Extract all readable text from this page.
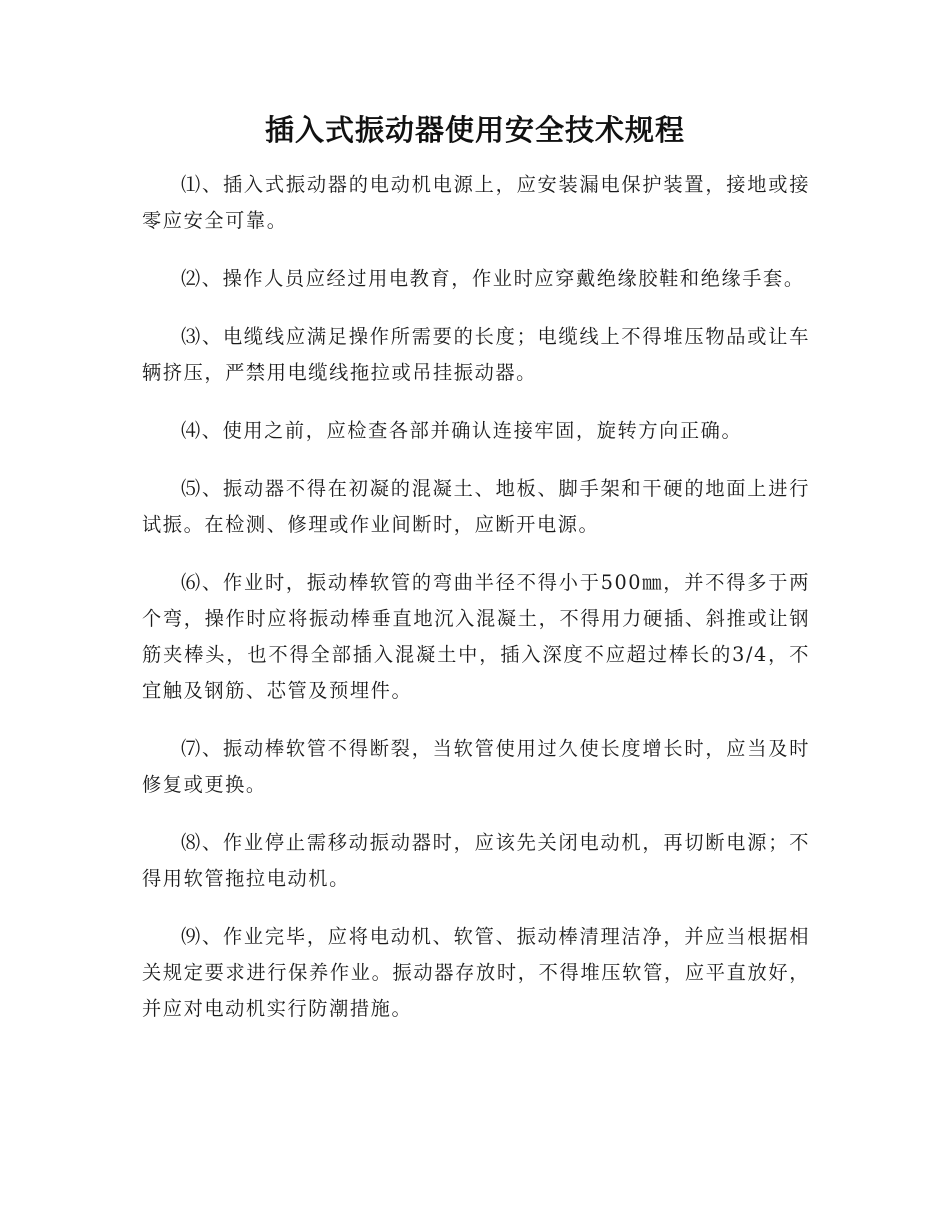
插入式振动器使用安全技术规程

⑴、插入式振动器的电动机电源上，应安装漏电保护装置，接地或接零应安全可靠。

⑵、操作人员应经过用电教育，作业时应穿戴绝缘胶鞋和绝缘手套。

⑶、电缆线应满足操作所需要的长度；电缆线上不得堆压物品或让车辆挤压，严禁用电缆线拖拉或吊挂振动器。

⑷、使用之前，应检查各部并确认连接牢固，旋转方向正确。

⑸、振动器不得在初凝的混凝土、地板、脚手架和干硬的地面上进行试振。在检测、修理或作业间断时，应断开电源。

⑹、作业时，振动棒软管的弯曲半径不得小于500㎜，并不得多于两个弯，操作时应将振动棒垂直地沉入混凝土，不得用力硬插、斜推或让钢筋夹棒头，也不得全部插入混凝土中，插入深度不应超过棒长的3/4，不宜触及钢筋、芯管及预埋件。

⑺、振动棒软管不得断裂，当软管使用过久使长度增长时，应当及时修复或更换。

⑻、作业停止需移动振动器时，应该先关闭电动机，再切断电源；不得用软管拖拉电动机。

⑼、作业完毕，应将电动机、软管、振动棒清理洁净，并应当根据相关规定要求进行保养作业。振动器存放时，不得堆压软管，应平直放好，并应对电动机实行防潮措施。
